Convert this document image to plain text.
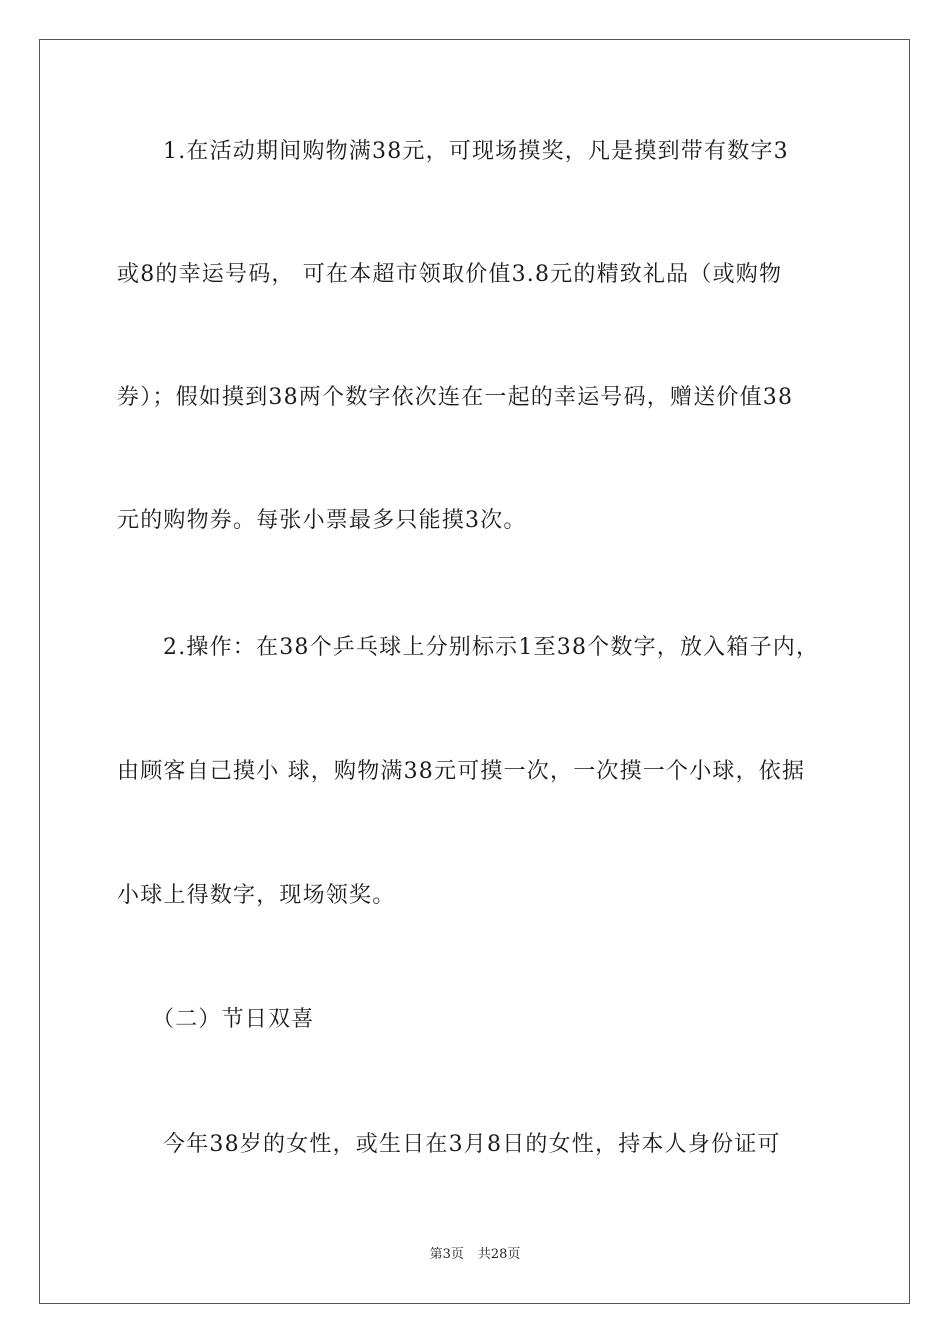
1.在活动期间购物满38元，可现场摸奖，凡是摸到带有数字3
或8的幸运号码， 可在本超市领取价值3.8元的精致礼品（或购物
券）；假如摸到38两个数字依次连在一起的幸运号码，赠送价值38
元的购物券。每张小票最多只能摸3次。
2.操作：在38个乒乓球上分别标示1至38个数字，放入箱子内，
由顾客自己摸小 球，购物满38元可摸一次，一次摸一个小球，依据
小球上得数字，现场领奖。
（二）节日双喜
今年38岁的女性，或生日在3月8日的女性，持本人身份证可
第3页 共28页
